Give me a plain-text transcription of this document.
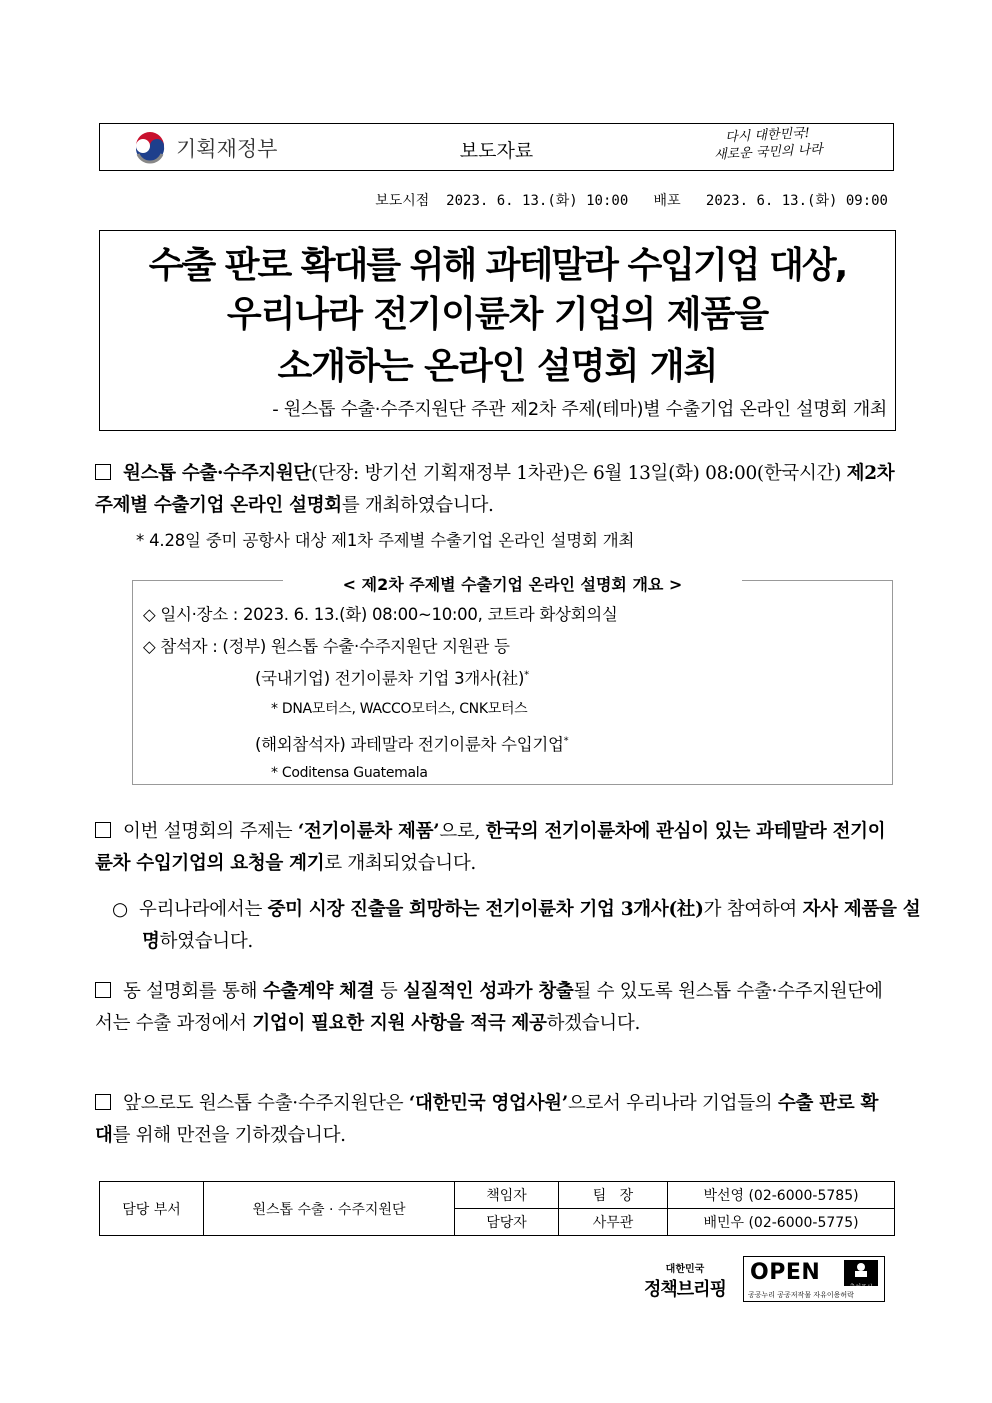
기획재정부	보도자료
다시 대한민국!
새로운 국민의 나라
보도시점  2023. 6. 13.(화) 10:00   배포   2023. 6. 13.(화) 09:00
수출 판로 확대를 위해 과테말라 수입기업 대상,
우리나라 전기이륜차 기업의 제품을
소개하는 온라인 설명회 개최
- 원스톱 수출·수주지원단 주관 제2차 주제(테마)별 수출기업 온라인 설명회 개최
원스톱 수출·수주지원단(단장: 방기선 기획재정부 1차관)은 6월 13일(화) 08:00(한국시간) 제2차 주제별 수출기업 온라인 설명회를 개최하였습니다.
* 4.28일 중미 공항사 대상 제1차 주제별 수출기업 온라인 설명회 개최
< 제2차 주제별 수출기업 온라인 설명회 개요 >
◇ 일시·장소 : 2023. 6. 13.(화) 08:00~10:00, 코트라 화상회의실
◇ 참석자 : (정부) 원스톱 수출·수주지원단 지원관 등
(국내기업) 전기이륜차 기업 3개사(社)*
* DNA모터스, WACCO모터스, CNK모터스
(해외참석자) 과테말라 전기이륜차 수입기업*
* Coditensa Guatemala
이번 설명회의 주제는 ‘전기이륜차 제품’으로, 한국의 전기이륜차에 관심이 있는 과테말라 전기이륜차 수입기업의 요청을 계기로 개최되었습니다.
○ 우리나라에서는 중미 시장 진출을 희망하는 전기이륜차 기업 3개사(社)가 참여하여 자사 제품을 설명하였습니다.
동 설명회를 통해 수출계약 체결 등 실질적인 성과가 창출될 수 있도록 원스톱 수출·수주지원단에서는 수출 과정에서 기업이 필요한 지원 사항을 적극 제공하겠습니다.
앞으로도 원스톱 수출·수주지원단은 ‘대한민국 영업사원’으로서 우리나라 기업들의 수출 판로 확대를 위해 만전을 기하겠습니다.
담당 부서	원스톱 수출 · 수주지원단	책임자	팀   장	박선영 (02-6000-5785)
		담당자	사무관	배민우 (02-6000-5775)
대한민국
정책브리핑
OPEN
출처표시
공공누리 공공저작물 자유이용허락
